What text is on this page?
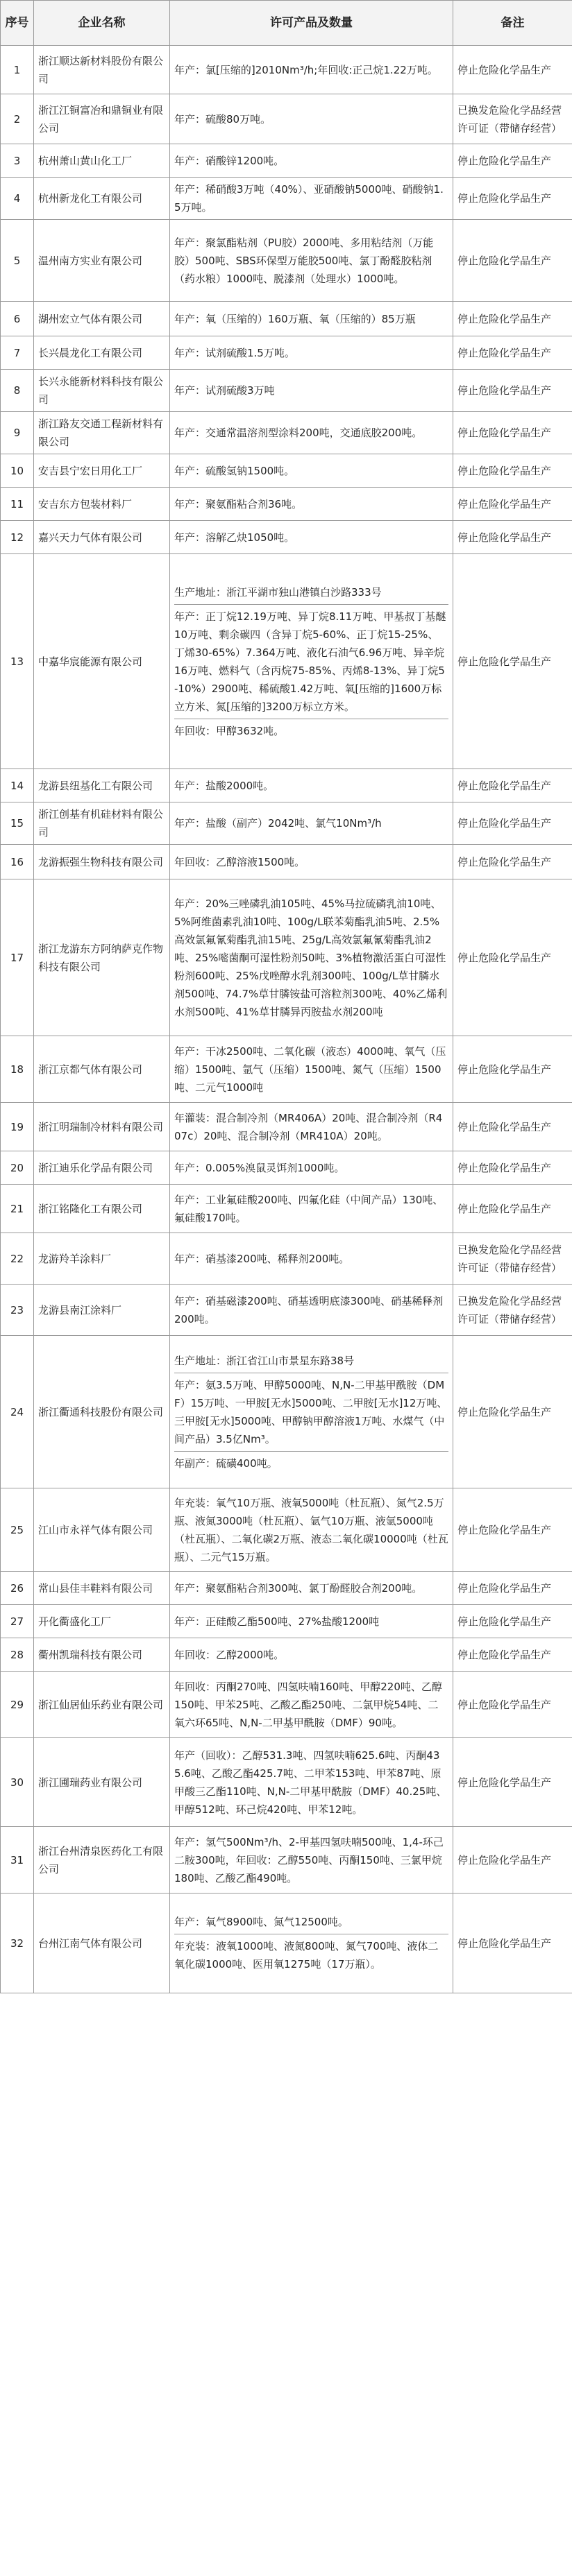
序号	企业名称	许可产品及数量	备注
1	浙江顺达新材料股份有限公司	年产：氯[压缩的]2010Nm³/h;年回收:正己烷1.22万吨。	停止危险化学品生产
2	浙江江铜富冶和鼎铜业有限公司	年产：硫酸80万吨。	已换发危险化学品经营许可证（带储存经营）
3	杭州萧山黄山化工厂	年产：硝酸锌1200吨。	停止危险化学品生产
4	杭州新龙化工有限公司	年产：稀硝酸3万吨（40%）、亚硝酸钠5000吨、硝酸钠1.5万吨。	停止危险化学品生产
5	温州南方实业有限公司	年产：聚氯酯粘剂（PU胶）2000吨、多用粘结剂（万能胶）500吨、SBS环保型万能胶500吨、氯丁酚醛胶粘剂（药水粮）1000吨、脱漆剂（处理水）1000吨。	停止危险化学品生产
6	湖州宏立气体有限公司	年产：氧（压缩的）160万瓶、氧（压缩的）85万瓶	停止危险化学品生产
7	长兴晨龙化工有限公司	年产：试剂硫酸1.5万吨。	停止危险化学品生产
8	长兴永能新材料科技有限公司	年产：试剂硫酸3万吨	停止危险化学品生产
9	浙江路友交通工程新材料有限公司	年产：交通常温溶剂型涂料200吨，交通底胶200吨。	停止危险化学品生产
10	安吉县宁宏日用化工厂	年产：硫酸氢钠1500吨。	停止危险化学品生产
11	安吉东方包装材料厂	年产：聚氨酯粘合剂36吨。	停止危险化学品生产
12	嘉兴天力气体有限公司	年产：溶解乙炔1050吨。	停止危险化学品生产
13	中嘉华宸能源有限公司	生产地址：浙江平湖市独山港镇白沙路333号
年产：正丁烷12.19万吨、异丁烷8.11万吨、甲基叔丁基醚10万吨、剩余碳四（含异丁烷5-60%、正丁烷15-25%、丁烯30-65%）7.364万吨、液化石油气6.96万吨、异辛烷16万吨、燃料气（含丙烷75-85%、丙烯8-13%、异丁烷5-10%）2900吨、稀硫酸1.42万吨、氧[压缩的]1600万标立方米、氮[压缩的]3200万标立方米。
年回收：甲醇3632吨。	停止危险化学品生产
14	龙游县纽基化工有限公司	年产：盐酸2000吨。	停止危险化学品生产
15	浙江创基有机硅材料有限公司	年产：盐酸（副产）2042吨、氯气10Nm³/h	停止危险化学品生产
16	龙游振强生物科技有限公司	年回收：乙醇溶液1500吨。	停止危险化学品生产
17	浙江龙游东方阿纳萨克作物科技有限公司	年产：20%三唑磷乳油105吨、45%马拉硫磷乳油10吨、5%阿维菌素乳油10吨、100g/L联苯菊酯乳油5吨、2.5%高效氯氟氰菊酯乳油15吨、25g/L高效氯氟氰菊酯乳油2吨、25%嘧菌酮可湿性粉剂50吨、3%植物激活蛋白可湿性粉剂600吨、25%戊唑醇水乳剂300吨、100g/L草甘膦水剂500吨、74.7%草甘膦铵盐可溶粒剂300吨、40%乙烯利水剂500吨、41%草甘膦异丙胺盐水剂200吨	停止危险化学品生产
18	浙江京都气体有限公司	年产：干冰2500吨、二氧化碳（液态）4000吨、氧气（压缩）1500吨、氩气（压缩）1500吨、氮气（压缩）1500吨、二元气1000吨	停止危险化学品生产
19	浙江明瑞制冷材料有限公司	年灌装：混合制冷剂（MR406A）20吨、混合制冷剂（R407c）20吨、混合制冷剂（MR410A）20吨。	停止危险化学品生产
20	浙江迪乐化学品有限公司	年产：0.005%溴鼠灵饵剂1000吨。	停止危险化学品生产
21	浙江铭隆化工有限公司	年产：工业氟硅酸200吨、四氟化硅（中间产品）130吨、氟硅酸170吨。	停止危险化学品生产
22	龙游羚羊涂料厂	年产：硝基漆200吨、稀释剂200吨。	已换发危险化学品经营许可证（带储存经营）
23	龙游县南江涂料厂	年产：硝基磁漆200吨、硝基透明底漆300吨、硝基稀释剂200吨。	已换发危险化学品经营许可证（带储存经营）
24	浙江衢通科技股份有限公司	生产地址：浙江省江山市景星东路38号
年产：氨3.5万吨、甲醇5000吨、N,N-二甲基甲酰胺（DMF）15万吨、一甲胺[无水]5000吨、二甲胺[无水]12万吨、三甲胺[无水]5000吨、甲醇钠甲醇溶液1万吨、水煤气（中间产品）3.5亿Nm³。
年副产：硫磺400吨。	停止危险化学品生产
25	江山市永祥气体有限公司	年充装：氧气10万瓶、液氧5000吨（杜瓦瓶）、氮气2.5万瓶、液氮3000吨（杜瓦瓶）、氩气10万瓶、液氩5000吨（杜瓦瓶）、二氧化碳2万瓶、液态二氧化碳10000吨（杜瓦瓶）、二元气15万瓶。	停止危险化学品生产
26	常山县佳丰鞋料有限公司	年产：聚氨酯粘合剂300吨、氯丁酚醛胶合剂200吨。	停止危险化学品生产
27	开化衢盛化工厂	年产：正硅酸乙酯500吨、27%盐酸1200吨	停止危险化学品生产
28	衢州凯瑞科技有限公司	年回收：乙醇2000吨。	停止危险化学品生产
29	浙江仙居仙乐药业有限公司	年回收：丙酮270吨、四氢呋喃160吨、甲醇220吨、乙醇150吨、甲苯25吨、乙酸乙酯250吨、二氯甲烷54吨、二氧六环65吨、N,N-二甲基甲酰胺（DMF）90吨。	停止危险化学品生产
30	浙江圃瑞药业有限公司	年产（回收）：乙醇531.3吨、四氢呋喃625.6吨、丙酮435.6吨、乙酸乙酯425.7吨、二甲苯153吨、甲苯87吨、原甲酸三乙酯110吨、N,N-二甲基甲酰胺（DMF）40.25吨、甲醇512吨、环己烷420吨、甲苯12吨。	停止危险化学品生产
31	浙江台州清泉医药化工有限公司	年产：氢气500Nm³/h、2-甲基四氢呋喃500吨、1,4-环己二胺300吨，年回收：乙醇550吨、丙酮150吨、三氯甲烷180吨、乙酸乙酯490吨。	停止危险化学品生产
32	台州江南气体有限公司	年产：氧气8900吨、氮气12500吨。
年充装：液氧1000吨、液氮800吨、氮气700吨、液体二氧化碳1000吨、医用氧1275吨（17万瓶）。	停止危险化学品生产
